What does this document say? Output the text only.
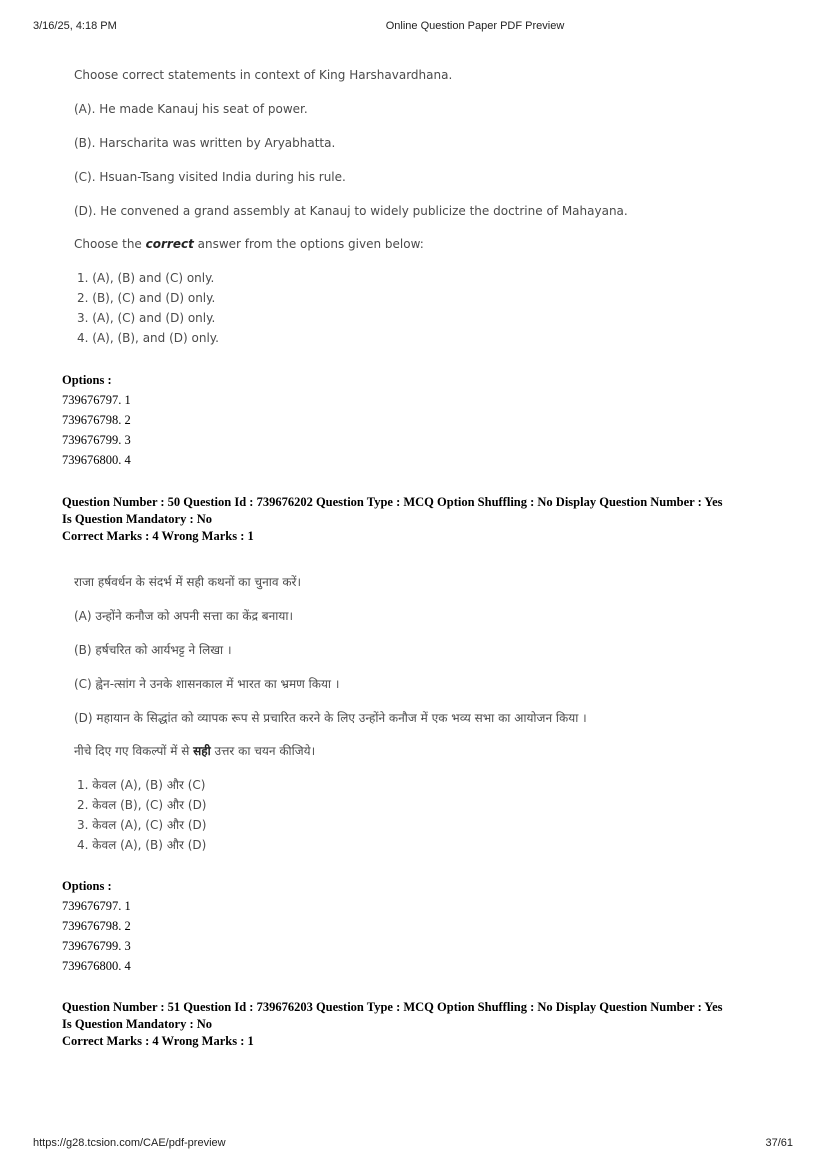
3/16/25, 4:18 PM	Online Question Paper PDF Preview
Choose correct statements in context of King Harshavardhana.
(A). He made Kanauj his seat of power.
(B). Harscharita was written by Aryabhatta.
(C). Hsuan-Tsang visited India during his rule.
(D). He convened a grand assembly at Kanauj to widely publicize the doctrine of Mahayana.
Choose the correct answer from the options given below:
1. (A), (B) and (C) only.
2. (B), (C) and (D) only.
3. (A), (C) and (D) only.
4. (A), (B), and (D) only.
Options :
739676797. 1
739676798. 2
739676799. 3
739676800. 4
Question Number : 50 Question Id : 739676202 Question Type : MCQ Option Shuffling : No Display Question Number : Yes
Is Question Mandatory : No
Correct Marks : 4 Wrong Marks : 1
राजा हर्षवर्धन के संदर्भ में सही कथनों का चुनाव करें।
(A) उन्होंने कनौज को अपनी सत्ता का केंद्र बनाया।
(B) हर्षचरित को आर्यभट्ट ने लिखा ।
(C) ह्वेन-त्सांग ने उनके शासनकाल में भारत का भ्रमण किया ।
(D) महायान के सिद्धांत को व्यापक रूप से प्रचारित करने के लिए उन्होंने कनौज में एक भव्य सभा का आयोजन किया ।
नीचे दिए गए विकल्पों में से सही उत्तर का चयन कीजिये।
1. केवल (A), (B) और (C)
2. केवल (B), (C) और (D)
3. केवल (A), (C) और (D)
4. केवल (A), (B) और (D)
Options :
739676797. 1
739676798. 2
739676799. 3
739676800. 4
Question Number : 51 Question Id : 739676203 Question Type : MCQ Option Shuffling : No Display Question Number : Yes
Is Question Mandatory : No
Correct Marks : 4 Wrong Marks : 1
https://g28.tcsion.com/CAE/pdf-preview	37/61
